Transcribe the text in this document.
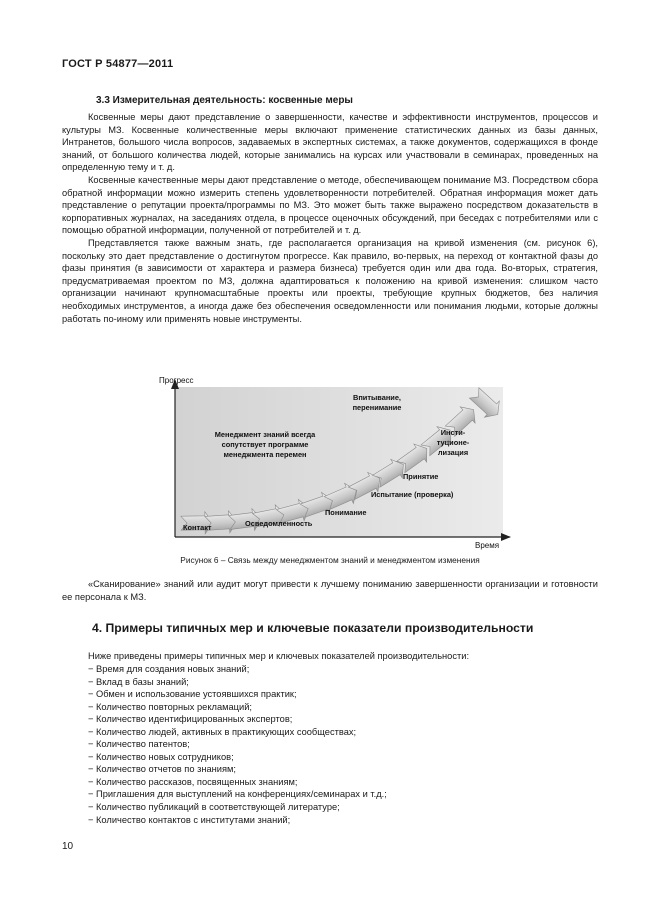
ГОСТ Р 54877—2011
3.3 Измерительная деятельность: косвенные меры

Косвенные меры дают представление о завершенности, качестве и эффективности инструментов, процессов и культуры МЗ. Косвенные количественные меры включают применение статистических данных из базы данных, Интранетов, большого числа вопросов, задаваемых в экспертных системах, а также документов, содержащихся в фонде знаний, от большого количества людей, которые занимались на курсах или участвовали в семинарах, проведенных на определенную тему и т. д.

Косвенные качественные меры дают представление о методе, обеспечивающем понимание МЗ. Посредством сбора обратной информации можно измерить степень удовлетворенности потребителей. Обратная информация может дать представление о репутации проекта/программы по МЗ. Это может быть также выражено посредством доказательств в корпоративных журналах, на заседаниях отдела, в процессе оценочных обсуждений, при беседах с потребителями или с помощью обратной информации, полученной от потребителей и т. д.

Представляется также важным знать, где располагается организация на кривой изменения (см. рисунок 6), поскольку это дает представление о достигнутом прогрессе. Как правило, во-первых, на переход от контактной фазы до фазы принятия (в зависимости от характера и размера бизнеса) требуется один или два года. Во-вторых, стратегия, предусматриваемая проектом по МЗ, должна адаптироваться к положению на кривой изменения: слишком часто организации начинают крупномасштабные проекты или проекты, требующие крупных бюджетов, без наличия необходимых инструментов, а иногда даже без обеспечения осведомленности или понимания людьми, которые должны работать по-иному или применять новые инструменты.

Прогресс
Время
Менеджмент знаний всегда
сопутствует программе
менеджмента перемен
Контакт	Осведомленность
Понимание
Испытание (проверка)
Принятие
Инсти-
туционе-
лизация
Впитывание,
перенимание
Рисунок 6 – Связь между менеджментом знаний и менеджментом изменения

«Сканирование» знаний или аудит могут привести к лучшему пониманию завершенности организации и готовности ее персонала к МЗ.

4. Примеры типичных мер и ключевые показатели производительности
Ниже приведены примеры типичных мер и ключевых показателей производительности:
− Время для создания новых знаний;
− Вклад в базы знаний;
− Обмен и использование устоявшихся практик;
− Количество повторных рекламаций;
− Количество идентифицированных экспертов;
− Количество людей, активных в практикующих сообществах;
− Количество патентов;
− Количество новых сотрудников;
− Количество отчетов по знаниям;
− Количество рассказов, посвященных знаниям;
− Приглашения для выступлений на конференциях/семинарах и т.д.;
− Количество публикаций в соответствующей литературе;
− Количество контактов с институтами знаний;
10
